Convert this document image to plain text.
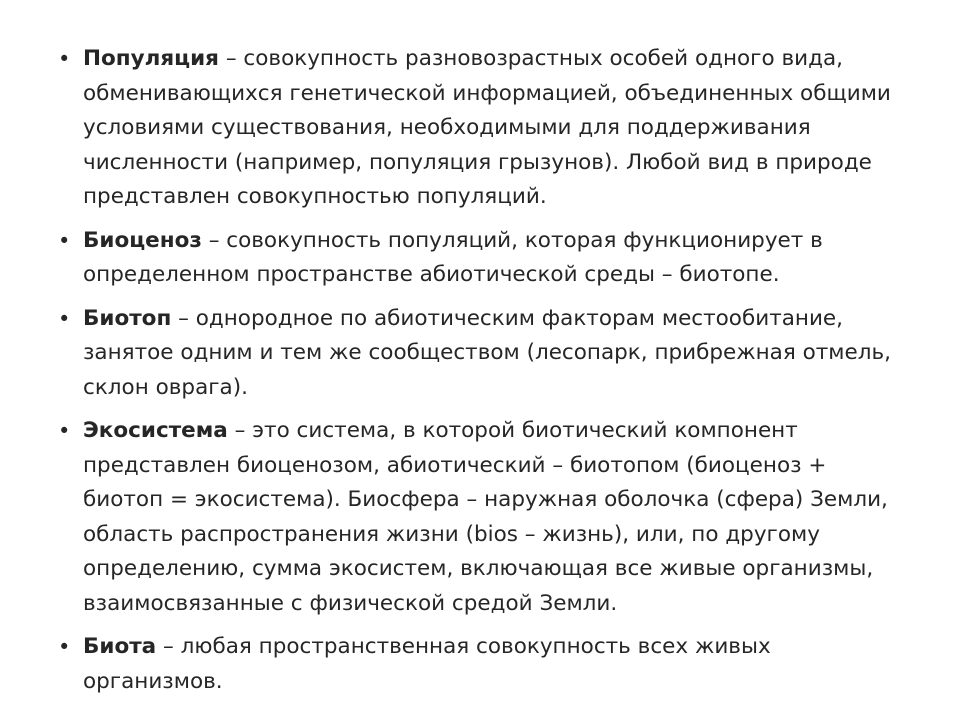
• Популяция – совокупность разновозрастных особей одного вида, обменивающихся генетической информацией, объединенных общими условиями существования, необходимыми для поддерживания численности (например, популяция грызунов). Любой вид в природе представлен совокупностью популяций.
• Биоценоз – совокупность популяций, которая функционирует в определенном пространстве абиотической среды – биотопе.
• Биотоп – однородное по абиотическим факторам местообитание, занятое одним и тем же сообществом (лесопарк, прибрежная отмель, склон оврага).
• Экосистема – это система, в которой биотический компонент представлен биоценозом, абиотический – биотопом (биоценоз + биотоп = экосистема). Биосфера – наружная оболочка (сфера) Земли, область распространения жизни (bios – жизнь), или, по другому определению, сумма экосистем, включающая все живые организмы, взаимосвязанные с физической средой Земли.
• Биота – любая пространственная совокупность всех живых организмов.
